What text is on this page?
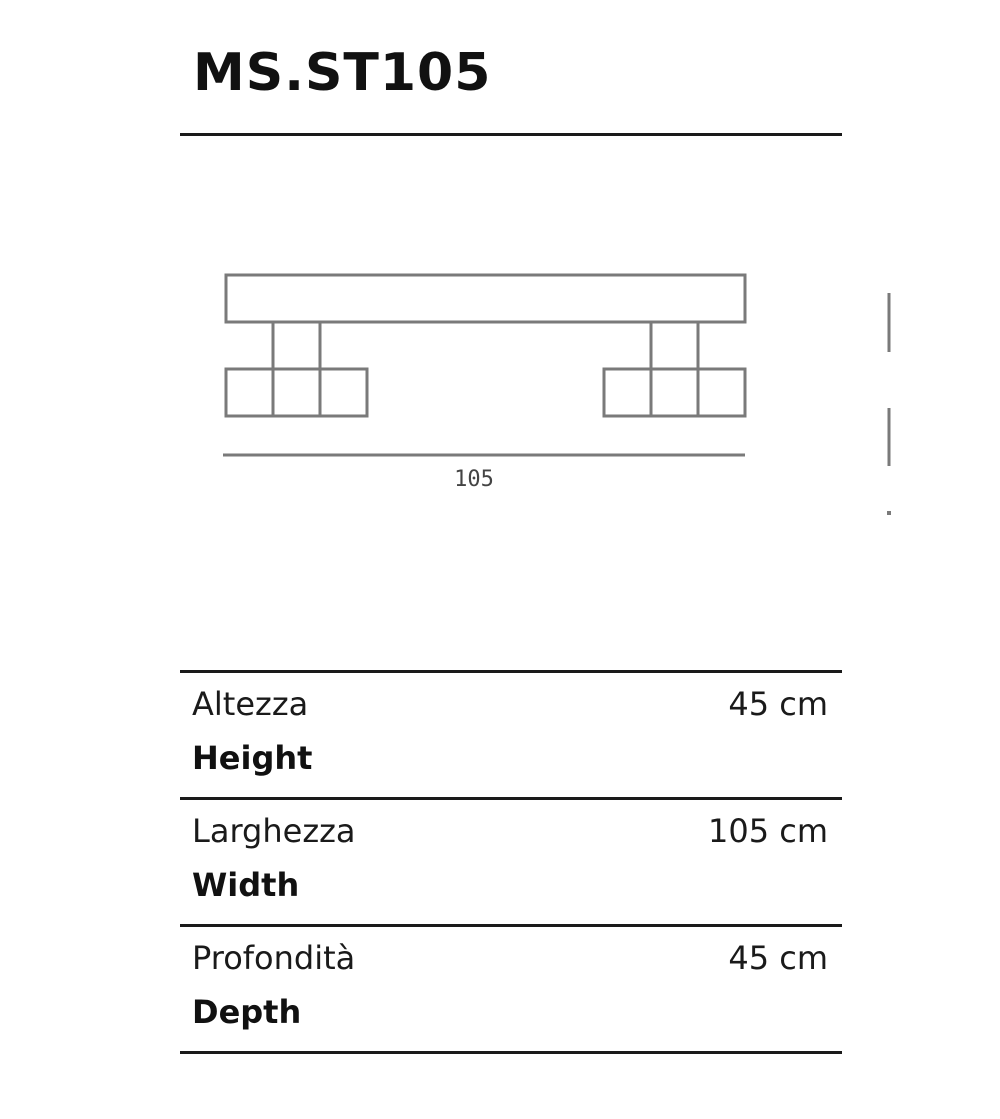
MS.ST105
105
Altezza
Height
45 cm
Larghezza
Width
105 cm
Profondità
Depth
45 cm
